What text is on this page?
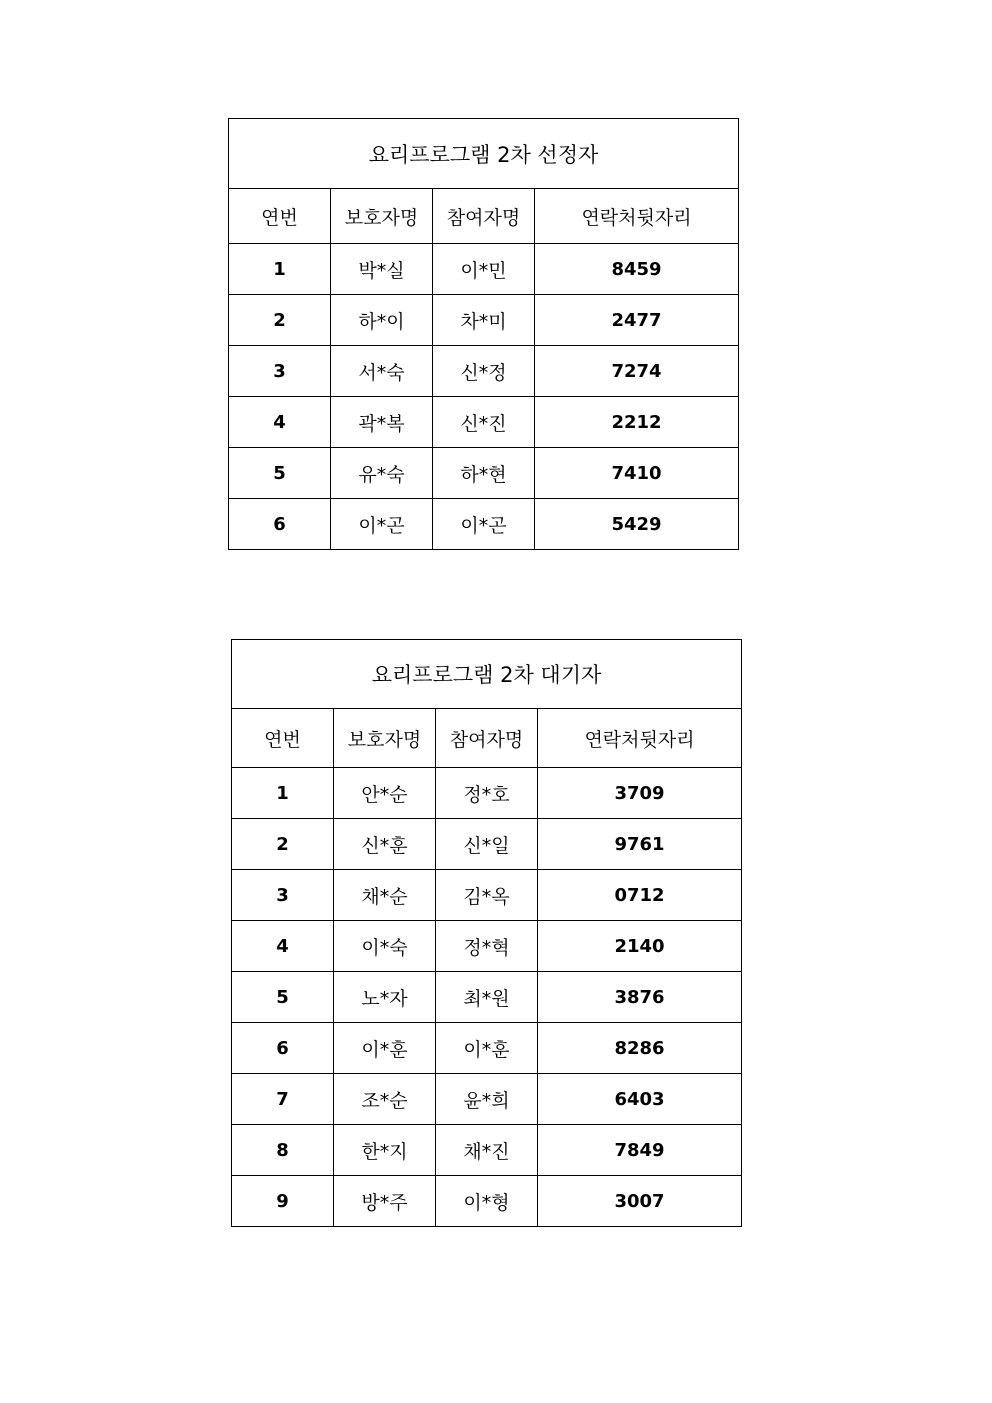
요리프로그램 2차 선정자			
연번	보호자명	참여자명	연락처뒷자리
1	박*실	이*민	8459
2	하*이	차*미	2477
3	서*숙	신*정	7274
4	곽*복	신*진	2212
5	유*숙	하*현	7410
6	이*곤	이*곤	5429
요리프로그램 2차 대기자			
연번	보호자명	참여자명	연락처뒷자리
1	안*순	정*호	3709
2	신*훈	신*일	9761
3	채*순	김*옥	0712
4	이*숙	정*혁	2140
5	노*자	최*원	3876
6	이*훈	이*훈	8286
7	조*순	윤*희	6403
8	한*지	채*진	7849
9	방*주	이*형	3007
